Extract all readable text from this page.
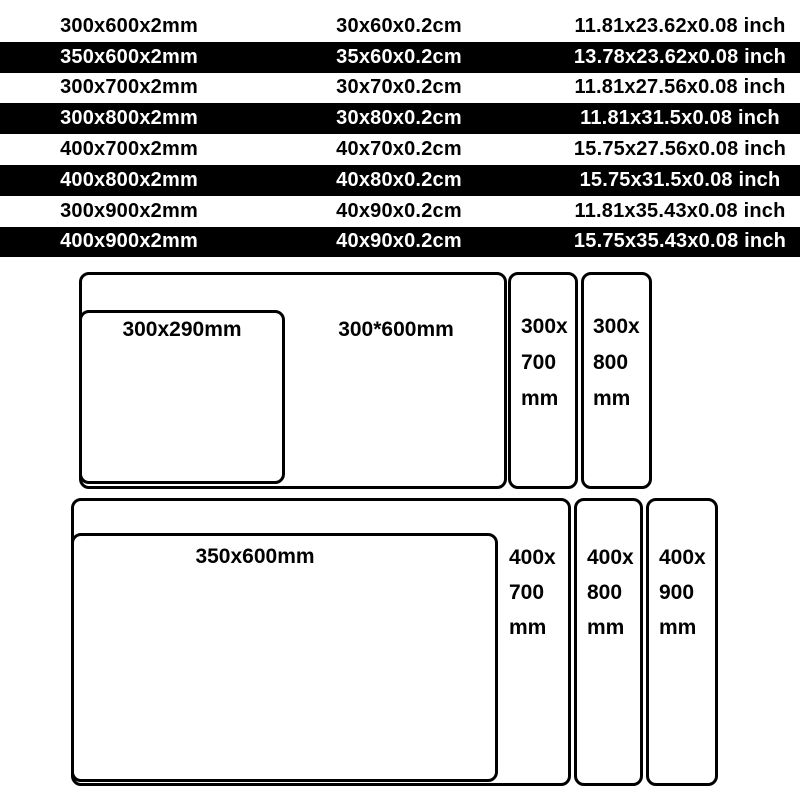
300x600x2mm	30x60x0.2cm	11.81x23.62x0.08 inch
350x600x2mm	35x60x0.2cm	13.78x23.62x0.08 inch
300x700x2mm	30x70x0.2cm	11.81x27.56x0.08 inch
300x800x2mm	30x80x0.2cm	11.81x31.5x0.08 inch
400x700x2mm	40x70x0.2cm	15.75x27.56x0.08 inch
400x800x2mm	40x80x0.2cm	15.75x31.5x0.08 inch
300x900x2mm	40x90x0.2cm	11.81x35.43x0.08 inch
400x900x2mm	40x90x0.2cm	15.75x35.43x0.08 inch
300x290mm	300*600mm	300x
700
mm
300x
800
mm
350x600mm	400x
700
mm
400x
800
mm
400x
900
mm
